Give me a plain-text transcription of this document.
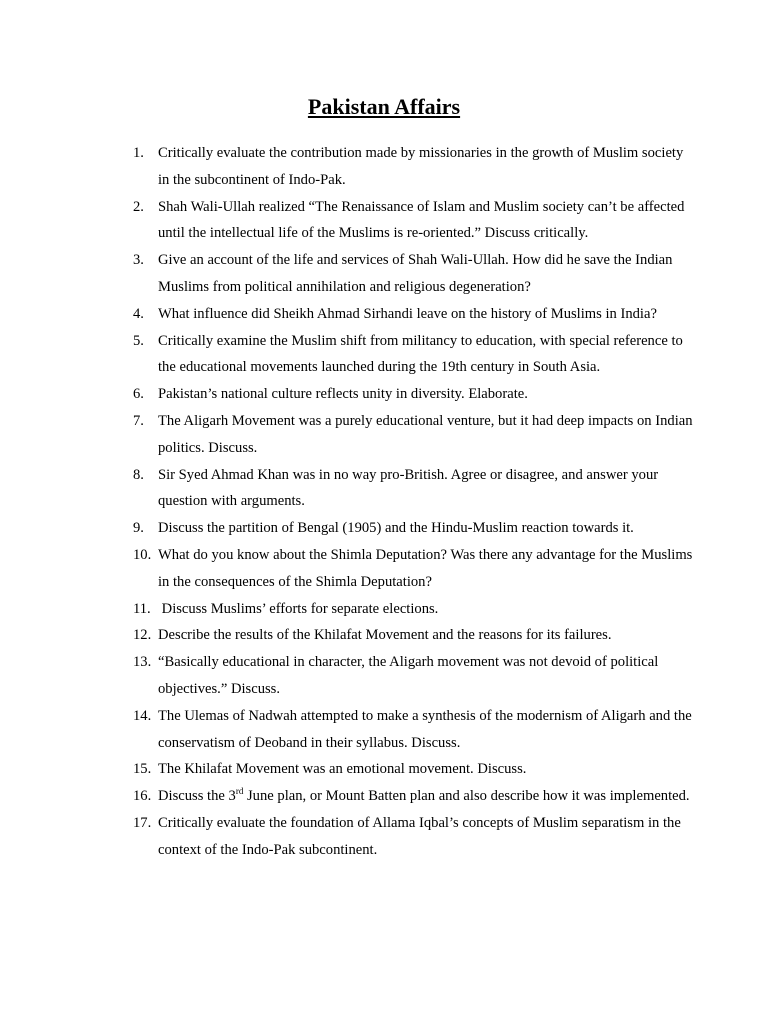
Pakistan Affairs
1. Critically evaluate the contribution made by missionaries in the growth of Muslim society in the subcontinent of Indo-Pak.
2. Shah Wali-Ullah realized “The Renaissance of Islam and Muslim society can’t be affected until the intellectual life of the Muslims is re-oriented.” Discuss critically.
3. Give an account of the life and services of Shah Wali-Ullah. How did he save the Indian Muslims from political annihilation and religious degeneration?
4. What influence did Sheikh Ahmad Sirhandi leave on the history of Muslims in India?
5. Critically examine the Muslim shift from militancy to education, with special reference to the educational movements launched during the 19th century in South Asia.
6. Pakistan’s national culture reflects unity in diversity. Elaborate.
7. The Aligarh Movement was a purely educational venture, but it had deep impacts on Indian politics. Discuss.
8. Sir Syed Ahmad Khan was in no way pro-British. Agree or disagree, and answer your question with arguments.
9. Discuss the partition of Bengal (1905) and the Hindu-Muslim reaction towards it.
10. What do you know about the Shimla Deputation? Was there any advantage for the Muslims in the consequences of the Shimla Deputation?
11. Discuss Muslims’ efforts for separate elections.
12. Describe the results of the Khilafat Movement and the reasons for its failures.
13. “Basically educational in character, the Aligarh movement was not devoid of political objectives.” Discuss.
14. The Ulemas of Nadwah attempted to make a synthesis of the modernism of Aligarh and the conservatism of Deoband in their syllabus. Discuss.
15. The Khilafat Movement was an emotional movement. Discuss.
16. Discuss the 3rd June plan, or Mount Batten plan and also describe how it was implemented.
17. Critically evaluate the foundation of Allama Iqbal’s concepts of Muslim separatism in the context of the Indo-Pak subcontinent.
